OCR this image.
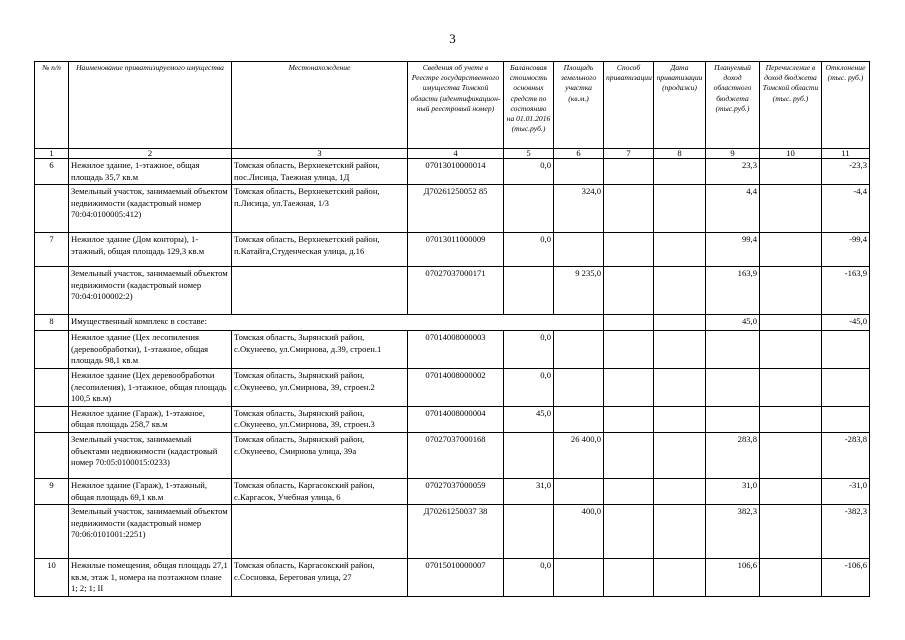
3
№ п/п	Наименование приватизируемого имущества	Местонахождение	Сведения об учете в Реестре государственного имущества Томской области (идентификацион-ный реестровый номер)	Балансовая стоимость основных средств по состоянию на 01.01.2016 (тыс.руб.)	Площадь земельного участка (кв.м.)	Способ приватизации	Дата приватизации (продажи)	Плануемый доход областного бюджета (тыс.руб.)	Перечисление в доход бюджета Томской области (тыс. руб.)	Отклонение (тыс. руб.)
1	2	3	4	5	6	7	8	9	10	11
6	Нежилое здание, 1-этажное, общая площадь 35,7 кв.м	Томская область, Верхнекетский район, пос.Лисица, Таежная улица, 1Д	07013010000014	0,0				23,3		-23,3
	Земельный участок, занимаемый объектом недвижимости (кадастровый номер 70:04:0100005:412)	Томская область, Верхнекетский район, п.Лисица, ул.Таежная, 1/3	Д70261250052 85		324,0			4,4		-4,4
7	Нежилое здание (Дом конторы), 1-этажный, общая площадь 129,3 кв.м	Томская область, Верхнекетский район, п.Катайга,Студенческая улица, д.16	07013011000009	0,0				99,4		-99,4
	Земельный участок, занимаемый объектом недвижимости (кадастровый номер 70:04:0100002:2)		07027037000171		9 235,0			163,9		-163,9
8	Имущественный комплекс в составе:							45,0		-45,0
	Нежилое здание (Цех лесопиления (деревообработки), 1-этажное, общая площадь 98,1 кв.м	Томская область, Зырянский район, с.Окунеево, ул.Смирнова, д.39, строен.1	07014008000003	0,0						
	Нежилое здание (Цех деревообработки (лесопиления), 1-этажное, общая площадь 100,5 кв.м)	Томская область, Зырянский район, с.Окунеево, ул.Смирнова, 39, строен.2	07014008000002	0,0						
	Нежилое здание (Гараж), 1-этажное, общая площадь 258,7 кв.м	Томская область, Зырянский район, с.Окунеево, ул.Смирнова, 39, строен.3	07014008000004	45,0						
	Земельный участок, занимаемый объектами недвижимости (кадастровый номер 70:05:0100015:0233)	Томская область, Зырянский район, с.Окунеево, Смирнова улица, 39а	07027037000168		26 400,0			283,8		-283,8
9	Нежилое здание (Гараж), 1-этажный, общая площадь 69,1 кв.м	Томская область, Каргасокский район, с.Каргасок, Учебная улица, 6	07027037000059	31,0				31,0		-31,0
	Земельный участок, занимаемый объектом недвижимости (кадастровый номер 70:06:0101001:2251)		Д70261250037 38		400,0			382,3		-382,3
10	Нежилые помещения, общая площадь 27,1 кв.м, этаж 1, номера на поэтажном плане 1; 2; 1; II	Томская область, Каргасокский район, с.Сосновка, Береговая улица, 27	07015010000007	0,0				106,6		-106,6
